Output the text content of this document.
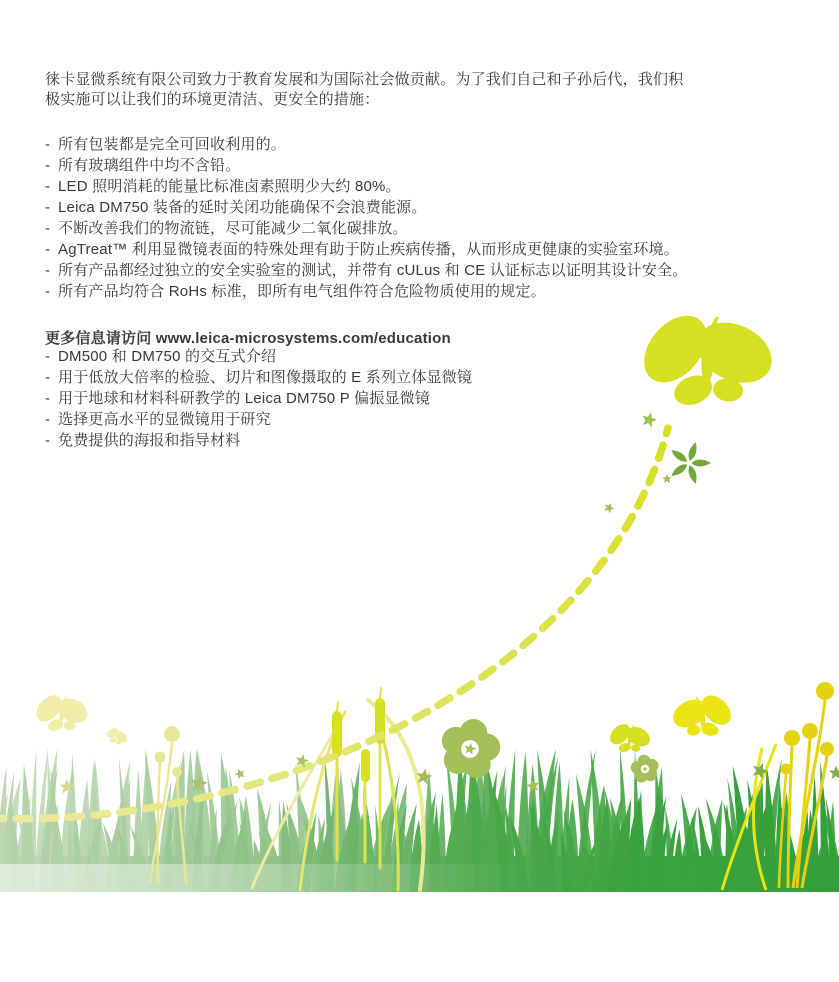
徕卡显微系统有限公司致力于教育发展和为国际社会做贡献。为了我们自己和子孙后代，我们积
极实施可以让我们的环境更清洁、更安全的措施：
- 所有包装都是完全可回收利用的。
- 所有玻璃组件中均不含铅。
- LED 照明消耗的能量比标准卤素照明少大约 80%。
- Leica DM750 装备的延时关闭功能确保不会浪费能源。
- 不断改善我们的物流链，尽可能减少二氧化碳排放。
- AgTreat™ 利用显微镜表面的特殊处理有助于防止疾病传播，从而形成更健康的实验室环境。
- 所有产品都经过独立的安全实验室的测试，并带有 cULus 和 CE 认证标志以证明其设计安全。
- 所有产品均符合 RoHs 标准，即所有电气组件符合危险物质使用的规定。
更多信息请访问 www.leica-microsystems.com/education
- DM500 和 DM750 的交互式介绍
- 用于低放大倍率的检验、切片和图像摄取的 E 系列立体显微镜
- 用于地球和材料科研教学的 Leica DM750 P 偏振显微镜
- 选择更高水平的显微镜用于研究
- 免费提供的海报和指导材料
